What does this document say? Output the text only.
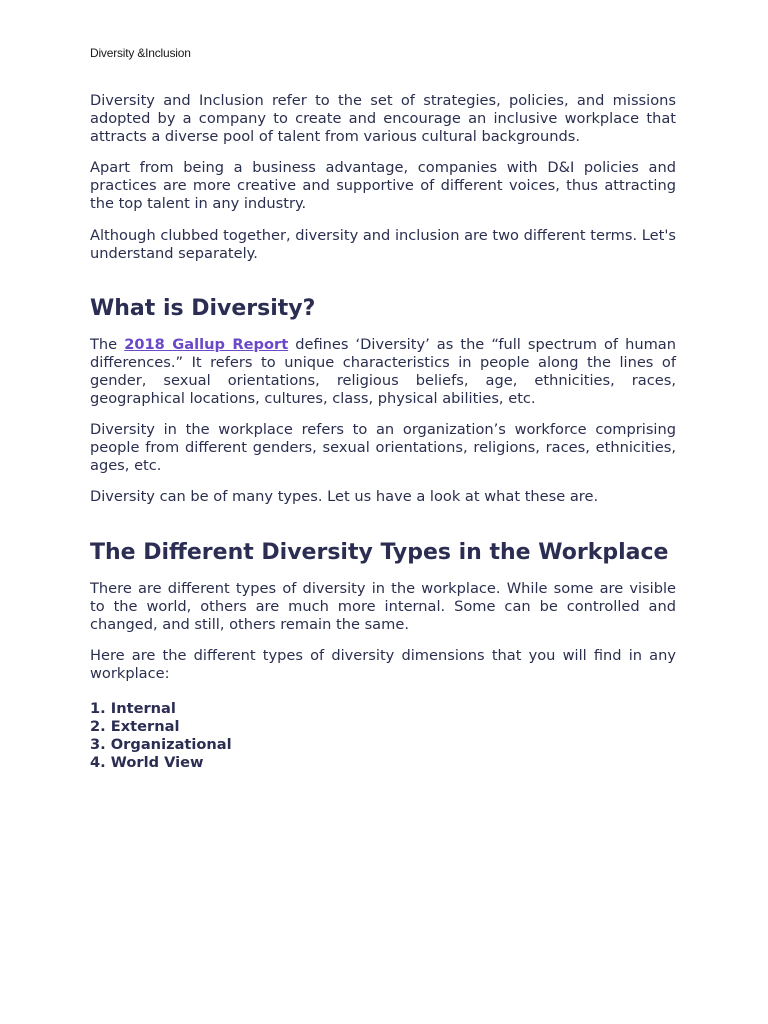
Diversity &Inclusion

Diversity and Inclusion refer to the set of strategies, policies, and missions adopted by a company to create and encourage an inclusive workplace that attracts a diverse pool of talent from various cultural backgrounds.

Apart from being a business advantage, companies with D&I policies and practices are more creative and supportive of different voices, thus attracting the top talent in any industry.

Although clubbed together, diversity and inclusion are two different terms. Let's understand separately.

What is Diversity?

The 2018 Gallup Report defines ‘Diversity’ as the “full spectrum of human differences.” It refers to unique characteristics in people along the lines of gender, sexual orientations, religious beliefs, age, ethnicities, races, geographical locations, cultures, class, physical abilities, etc.

Diversity in the workplace refers to an organization’s workforce comprising people from different genders, sexual orientations, religions, races, ethnicities, ages, etc.

Diversity can be of many types. Let us have a look at what these are.

The Different Diversity Types in the Workplace

There are different types of diversity in the workplace. While some are visible to the world, others are much more internal. Some can be controlled and changed, and still, others remain the same.

Here are the different types of diversity dimensions that you will find in any workplace:

1. Internal
2. External
3. Organizational
4. World View
